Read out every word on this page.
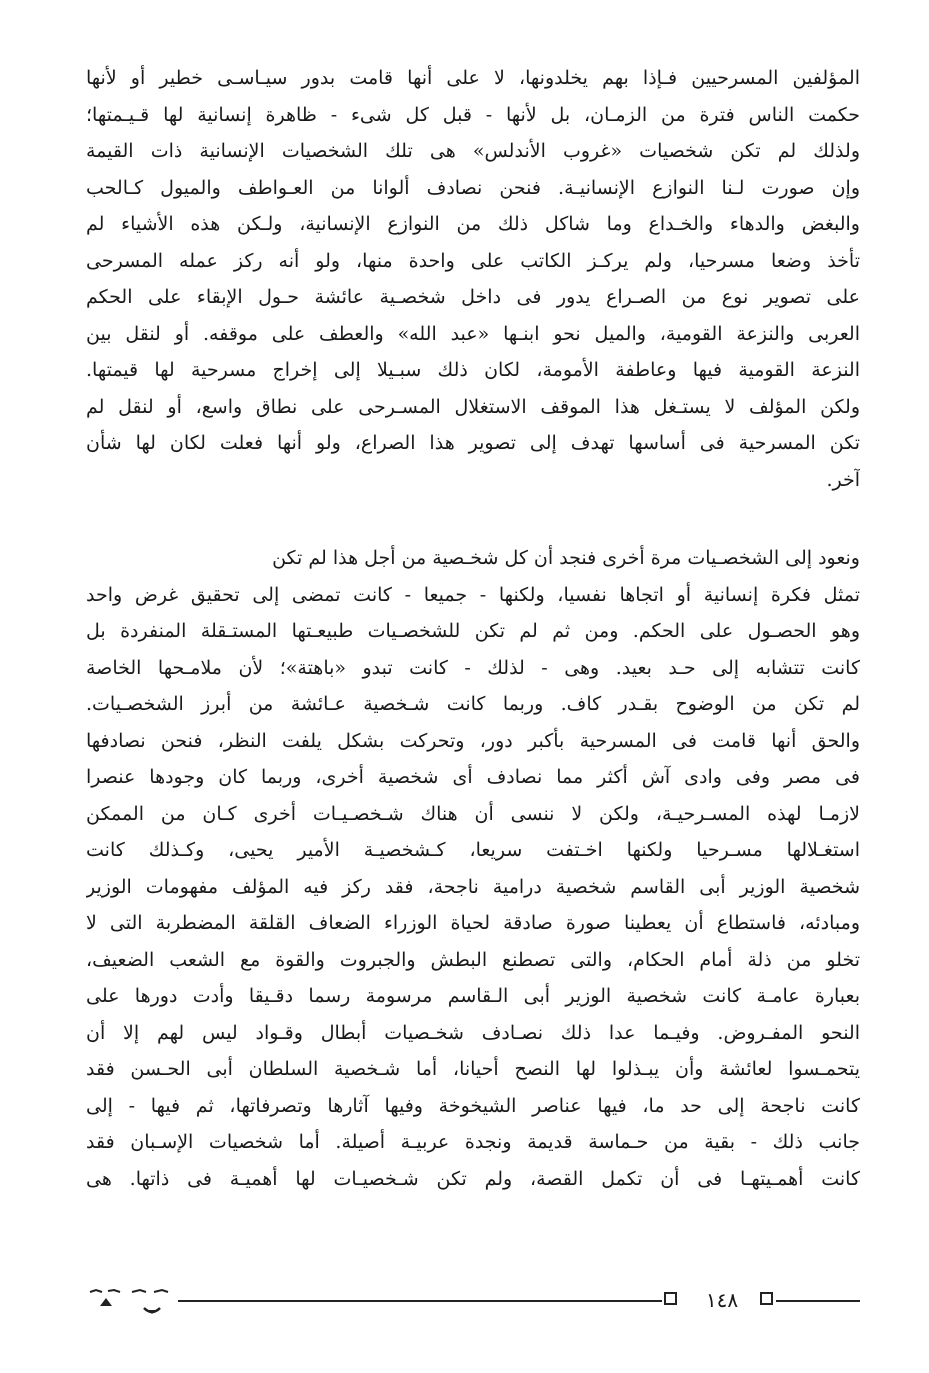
المؤلفين المسرحيين فـإذا بهم يخلدونها، لا على أنها قامت بدور سيـاسـى خطير أو لأنها
حكمت الناس فترة من الزمـان، بل لأنها - قبل كل شىء - ظاهرة إنسانية لها قـيـمتها؛
ولذلك لم تكن شخصيات «غروب الأندلس» هى تلك الشخصيات الإنسانية ذات القيمة
وإن صورت لـنا النوازع الإنسانيـة. فنحن نصادف ألوانا من العـواطف والميول كـالحب
والبغض والدهاء والخـداع وما شاكل ذلك من النوازع الإنسانية، ولـكن هذه الأشياء لم
تأخذ وضعا مسرحيا، ولم يركـز الكاتب على واحدة منها، ولو أنه ركز عمله المسرحى
على تصوير نوع من الصـراع يدور فى داخل شخصـية عائشة حـول الإبقاء على الحكم
العربى والنزعة القومية، والميل نحو ابنـها «عبد الله» والعطف على موقفه. أو لنقل بين
النزعة القومية فيها وعاطفة الأمومة، لكان ذلك سبـيلا إلى إخراج مسرحية لها قيمتها.
ولكن المؤلف لا يستـغل هذا الموقف الاستغلال المسـرحى على نطاق واسع، أو لنقل لم
تكن المسرحية فى أساسها تهدف إلى تصوير هذا الصراع، ولو أنها فعلت لكان لها شأن
آخر.
ونعود إلى الشخصـيات مرة أخرى فنجد أن كل شخـصية من أجل هذا لم تكن
تمثل فكرة إنسانية أو اتجاها نفسيا، ولكنها - جميعا - كانت تمضى إلى تحقيق غرض واحد
وهو الحصـول على الحكم. ومن ثم لم تكن للشخصـيات طبيعـتها المستـقلة المنفردة بل
كانت تتشابه إلى حـد بعيد. وهى - لذلك - كانت تبدو «باهتة»؛ لأن ملامـحها الخاصة
لم تكن من الوضوح بقـدر كاف. وربما كانت شـخصية عـائشة من أبرز الشخصـيات.
والحق أنها قامت فى المسرحية بأكبر دور، وتحركت بشكل يلفت النظر، فنحن نصادفها
فى مصر وفى وادى آش أكثر مما نصادف أى شخصية أخرى، وربما كان وجودها عنصرا
لازمـا لهذه المسـرحيـة، ولكن لا ننسى أن هناك شـخصـيـات أخرى كـان من الممكن
استغـلالها مسـرحيا ولكنها اخـتفت سريعا، كـشخصيـة الأمير يحيى، وكـذلك كانت
شخصية الوزير أبى القاسم شخصية درامية ناجحة، فقد ركز فيه المؤلف مفهومات الوزير
ومبادئه، فاستطاع أن يعطينا صورة صادقة لحياة الوزراء الضعاف القلقة المضطربة التى لا
تخلو من ذلة أمام الحكام، والتى تصطنع البطش والجبروت والقوة مع الشعب الضعيف،
بعبارة عامـة كانت شخصية الوزير أبى الـقاسم مرسومة رسما دقـيقا وأدت دورها على
النحو المفـروض. وفيـما عدا ذلك نصـادف شخـصيات أبطال وقـواد ليس لهم إلا أن
يتحمـسوا لعائشة وأن يبـذلوا لها النصح أحيانا، أما شـخصية السلطان أبى الحـسن فقد
كانت ناجحة إلى حد ما، فيها عناصر الشيخوخة وفيها آثارها وتصرفاتها، ثم فيها - إلى
جانب ذلك - بقية من حـماسة قديمة ونجدة عربيـة أصيلة. أما شخصيات الإسـبان فقد
كانت أهمـيتهـا فى أن تكمل القصة، ولم تكن شـخصيـات لها أهميـة فى ذاتها. هى
١٤٨
